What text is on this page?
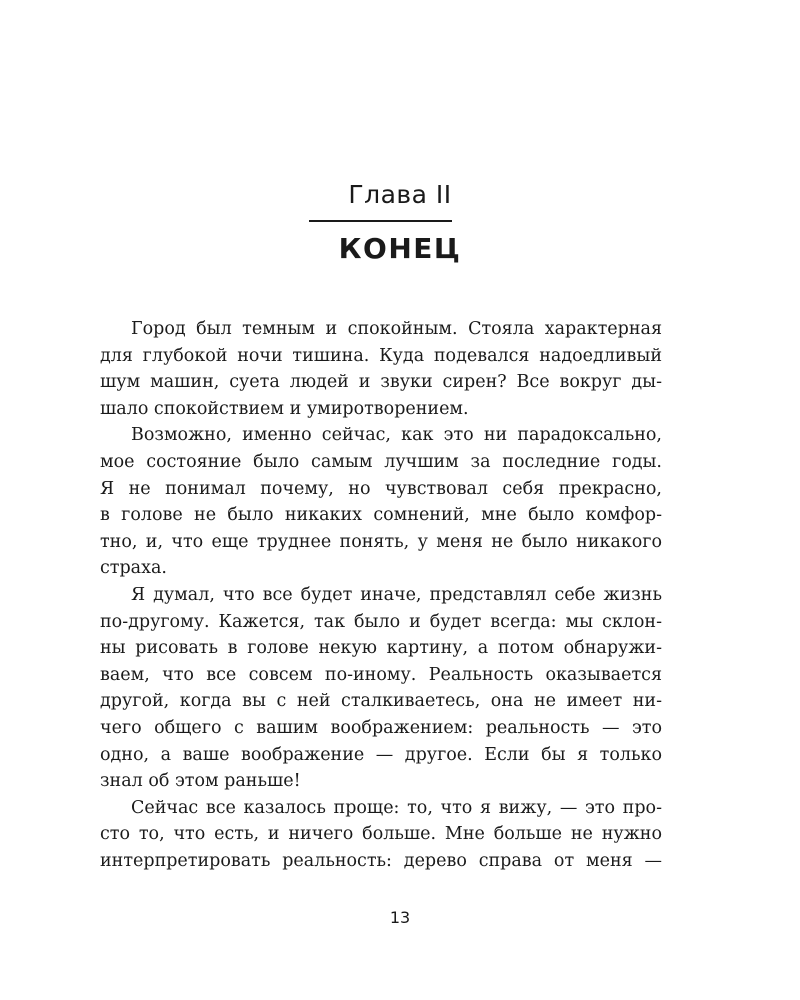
Глава II
КОНЕЦ

Город был темным и спокойным. Стояла характерная
для глубокой ночи тишина. Куда подевался надоедливый
шум машин, суета людей и звуки сирен? Все вокруг ды-
шало спокойствием и умиротворением.

Возможно, именно сейчас, как это ни парадоксально,
мое состояние было самым лучшим за последние годы.
Я не понимал почему, но чувствовал себя прекрасно,
в голове не было никаких сомнений, мне было комфор-
тно, и, что еще труднее понять, у меня не было никакого
страха.

Я думал, что все будет иначе, представлял себе жизнь
по-другому. Кажется, так было и будет всегда: мы склон-
ны рисовать в голове некую картину, а потом обнаружи-
ваем, что все совсем по-иному. Реальность оказывается
другой, когда вы с ней сталкиваетесь, она не имеет ни-
чего общего с вашим воображением: реальность — это
одно, а ваше воображение — другое. Если бы я только
знал об этом раньше!

Сейчас все казалось проще: то, что я вижу, — это про-
сто то, что есть, и ничего больше. Мне больше не нужно
интерпретировать реальность: дерево справа от меня —

13
